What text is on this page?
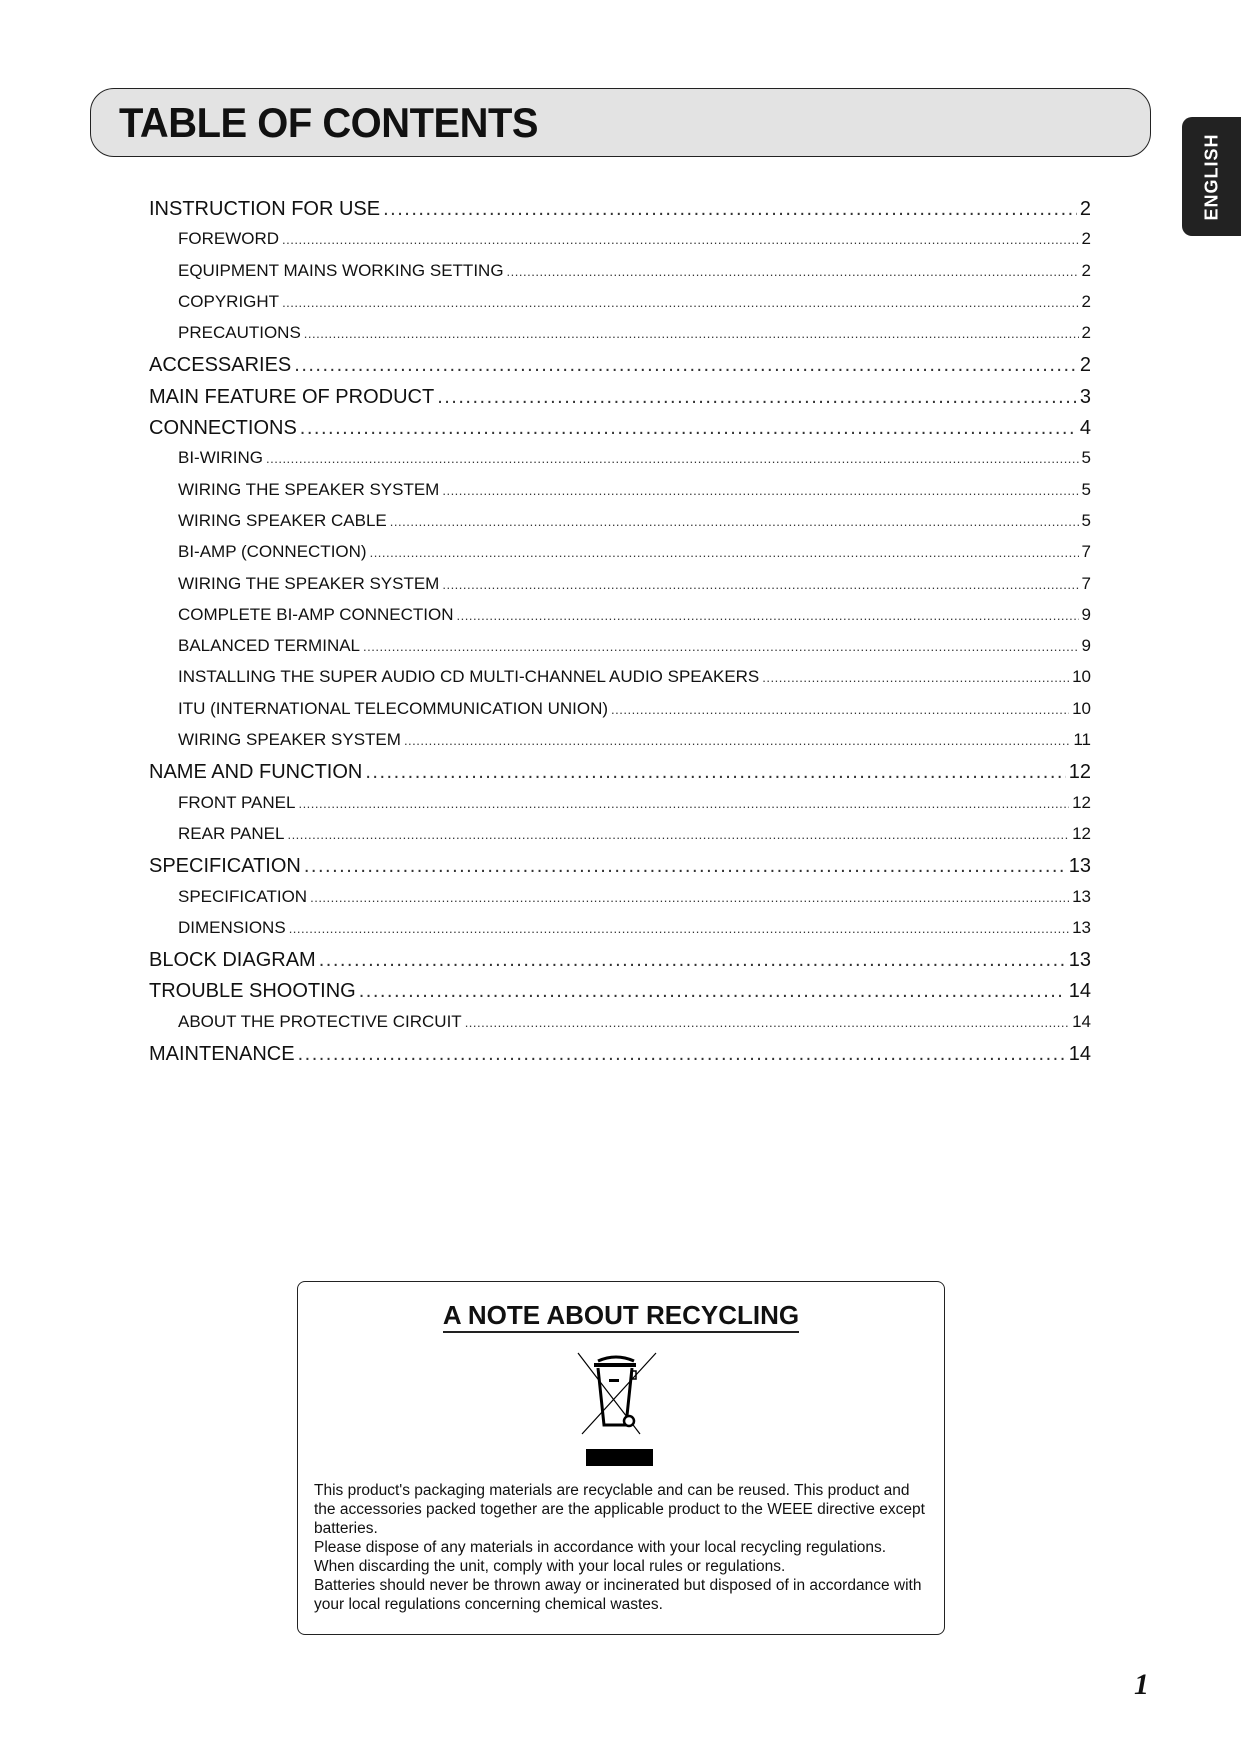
TABLE OF CONTENTS
ENGLISH
INSTRUCTION FOR USE .....	2
FOREWORD .....	2
EQUIPMENT MAINS WORKING SETTING .....	2
COPYRIGHT .....	2
PRECAUTIONS .....	2
ACCESSARIES .....	2
MAIN FEATURE OF PRODUCT .....	3
CONNECTIONS .....	4
BI-WIRING .....	5
WIRING THE SPEAKER SYSTEM .....	5
WIRING SPEAKER CABLE .....	5
BI-AMP (CONNECTION) .....	7
WIRING THE SPEAKER SYSTEM .....	7
COMPLETE BI-AMP CONNECTION .....	9
BALANCED TERMINAL .....	9
INSTALLING THE SUPER AUDIO CD MULTI-CHANNEL AUDIO SPEAKERS .....	10
ITU (INTERNATIONAL TELECOMMUNICATION UNION) .....	10
WIRING SPEAKER SYSTEM .....	11
NAME AND FUNCTION .....	12
FRONT PANEL .....	12
REAR PANEL .....	12
SPECIFICATION .....	13
SPECIFICATION .....	13
DIMENSIONS .....	13
BLOCK DIAGRAM .....	13
TROUBLE SHOOTING .....	14
ABOUT THE PROTECTIVE CIRCUIT .....	14
MAINTENANCE .....	14
A NOTE ABOUT RECYCLING

This product's packaging materials are recyclable and can be reused. This product and the accessories packed together are the applicable product to the WEEE directive except batteries.
Please dispose of any materials in accordance with your local recycling regulations.
When discarding the unit, comply with your local rules or regulations.
Batteries should never be thrown away or incinerated but disposed of in accordance with your local regulations concerning chemical wastes.

1
